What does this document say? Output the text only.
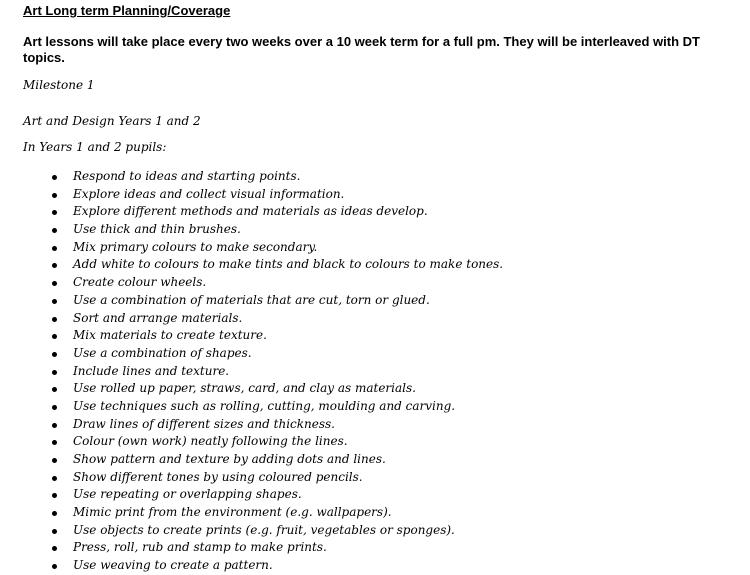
Art Long term Planning/Coverage
Art lessons will take place every two weeks over a 10 week term for a full pm. They will be interleaved with DT topics.
Milestone 1
Art and Design Years 1 and 2
In Years 1 and 2 pupils:
Respond to ideas and starting points.
Explore ideas and collect visual information.
Explore different methods and materials as ideas develop.
Use thick and thin brushes.
Mix primary colours to make secondary.
Add white to colours to make tints and black to colours to make tones.
Create colour wheels.
Use a combination of materials that are cut, torn or glued.
Sort and arrange materials.
Mix materials to create texture.
Use a combination of shapes.
Include lines and texture.
Use rolled up paper, straws, card, and clay as materials.
Use techniques such as rolling, cutting, moulding and carving.
Draw lines of different sizes and thickness.
Colour (own work) neatly following the lines.
Show pattern and texture by adding dots and lines.
Show different tones by using coloured pencils.
Use repeating or overlapping shapes.
Mimic print from the environment (e.g. wallpapers).
Use objects to create prints (e.g. fruit, vegetables or sponges).
Press, roll, rub and stamp to make prints.
Use weaving to create a pattern.
